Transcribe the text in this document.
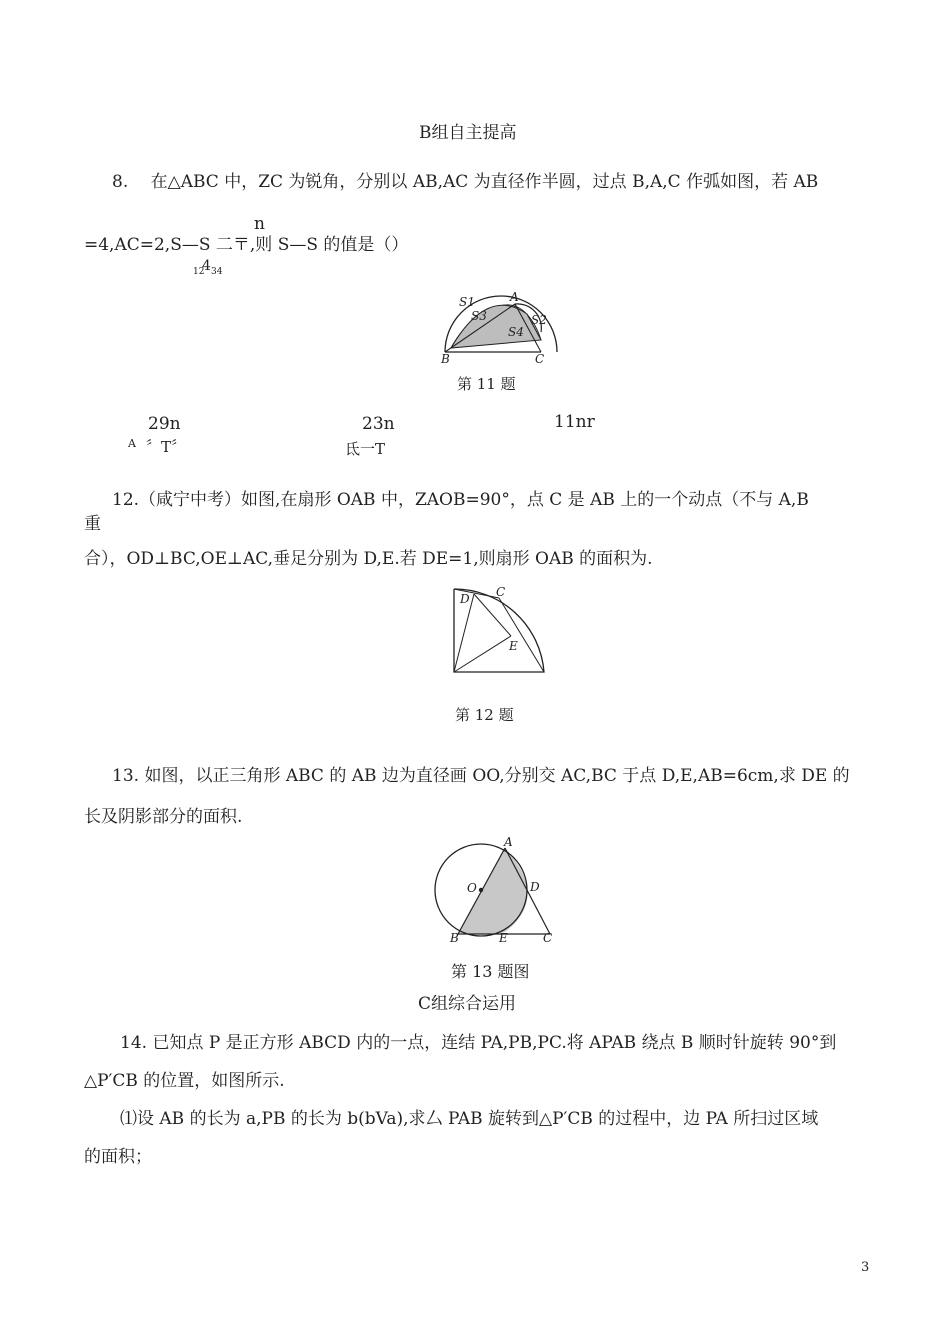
B组自主提高
8.　 在△ABC 中，ZC 为锐角，分别以 AB,AC 为直径作半圆，过点 B,A,C 作弧如图，若 AB
n
=4,AC=2,S—S 二〒,则 S—S 的值是（）
12
4 34
S1	A
S3	S2
S4
B	C
第 11 题
A
29n
〞T〞
23n
氐一T
11nr
12.（咸宁中考）如图,在扇形 OAB 中，ZAOB=90°，点 C 是 AB 上的一个动点（不与 A,B
重
合），OD⊥BC,OE⊥AC,垂足分别为 D,E.若 DE=1,则扇形 OAB 的面积为.
D C
E
第 12 题
13. 如图，以正三角形 ABC 的 AB 边为直径画 OO,分别交 AC,BC 于点 D,E,AB=6cm,求 DE 的
长及阴影部分的面积.
A
O	D
B	E	C
第 13 题图
C组综合运用
14. 已知点 P 是正方形 ABCD 内的一点，连结 PA,PB,PC.将 APAB 绕点 B 顺时针旋转 90°到
△P′CB 的位置，如图所示.
⑴设 AB 的长为 a,PB 的长为 b(bVa),求厶 PAB 旋转到△P′CB 的过程中，边 PA 所扫过区域
的面积；
3
